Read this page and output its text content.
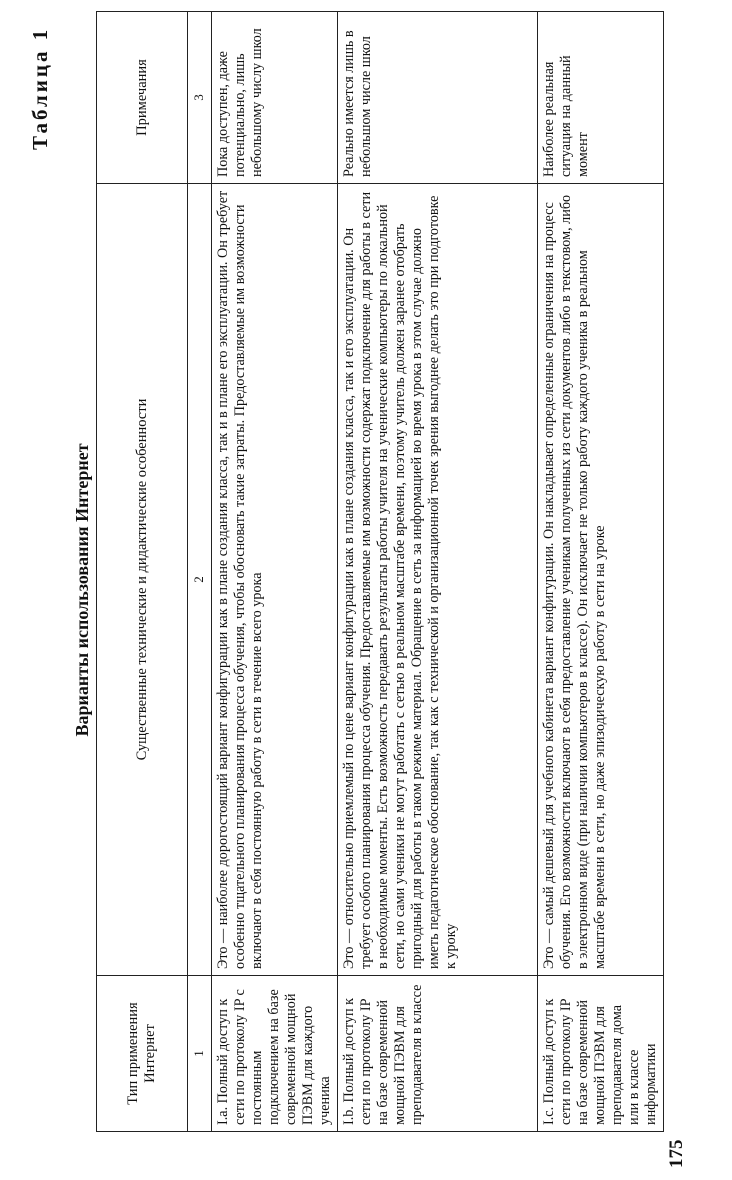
Таблица 1
Варианты использования Интернет
Тип применения Интернет	Существенные технические и дидактические особенности	Примечания
1	2	3
I.a. Полный доступ к сети по протоколу IP с постоянным подключением на базе современной мощной ПЭВМ для каждого ученика	Это — наиболее дорогостоящий вариант конфигурации как в плане создания класса, так и в плане его эксплуатации. Он требует особенно тщательного планирования процесса обучения, чтобы обосновать такие затраты. Предоставляемые им возможности включают в себя постоянную работу в сети в течение всего урока	Пока доступен, даже потенциально, лишь небольшому числу школ
I.b. Полный доступ к сети по протоколу IP на базе современной мощной ПЭВМ для преподавателя в классе	Это — относительно приемлемый по цене вариант конфигурации как в плане создания класса, так и его эксплуатации. Он требует особого планирования процесса обучения. Предоставляемые им возможности содержат подключение для работы в сети в необходимые моменты. Есть возможность передавать результаты работы учителя на ученические компьютеры по локальной сети, но сами ученики не могут работать с сетью в реальном масштабе времени, поэтому учитель должен заранее отобрать пригодный для работы в таком режиме материал. Обращение в сеть за информацией во время урока в этом случае должно иметь педагогическое обоснование, так как с технической и организационной точек зрения выгоднее делать это при подготовке к уроку	Реально имеется лишь в небольшом числе школ
I.c. Полный доступ к сети по протоколу IP на базе современной мощной ПЭВМ для преподавателя дома или в классе информатики	Это — самый дешевый для учебного кабинета вариант конфигурации. Он накладывает определенные ограничения на процесс обучения. Его возможности включают в себя предоставление ученикам полученных из сети документов либо в текстовом, либо в электронном виде (при наличии компьютеров в классе). Он исключает не только работу каждого ученика в реальном масштабе времени в сети, но даже эпизодическую работу в сети на уроке	Наиболее реальная ситуация на данный момент
175
